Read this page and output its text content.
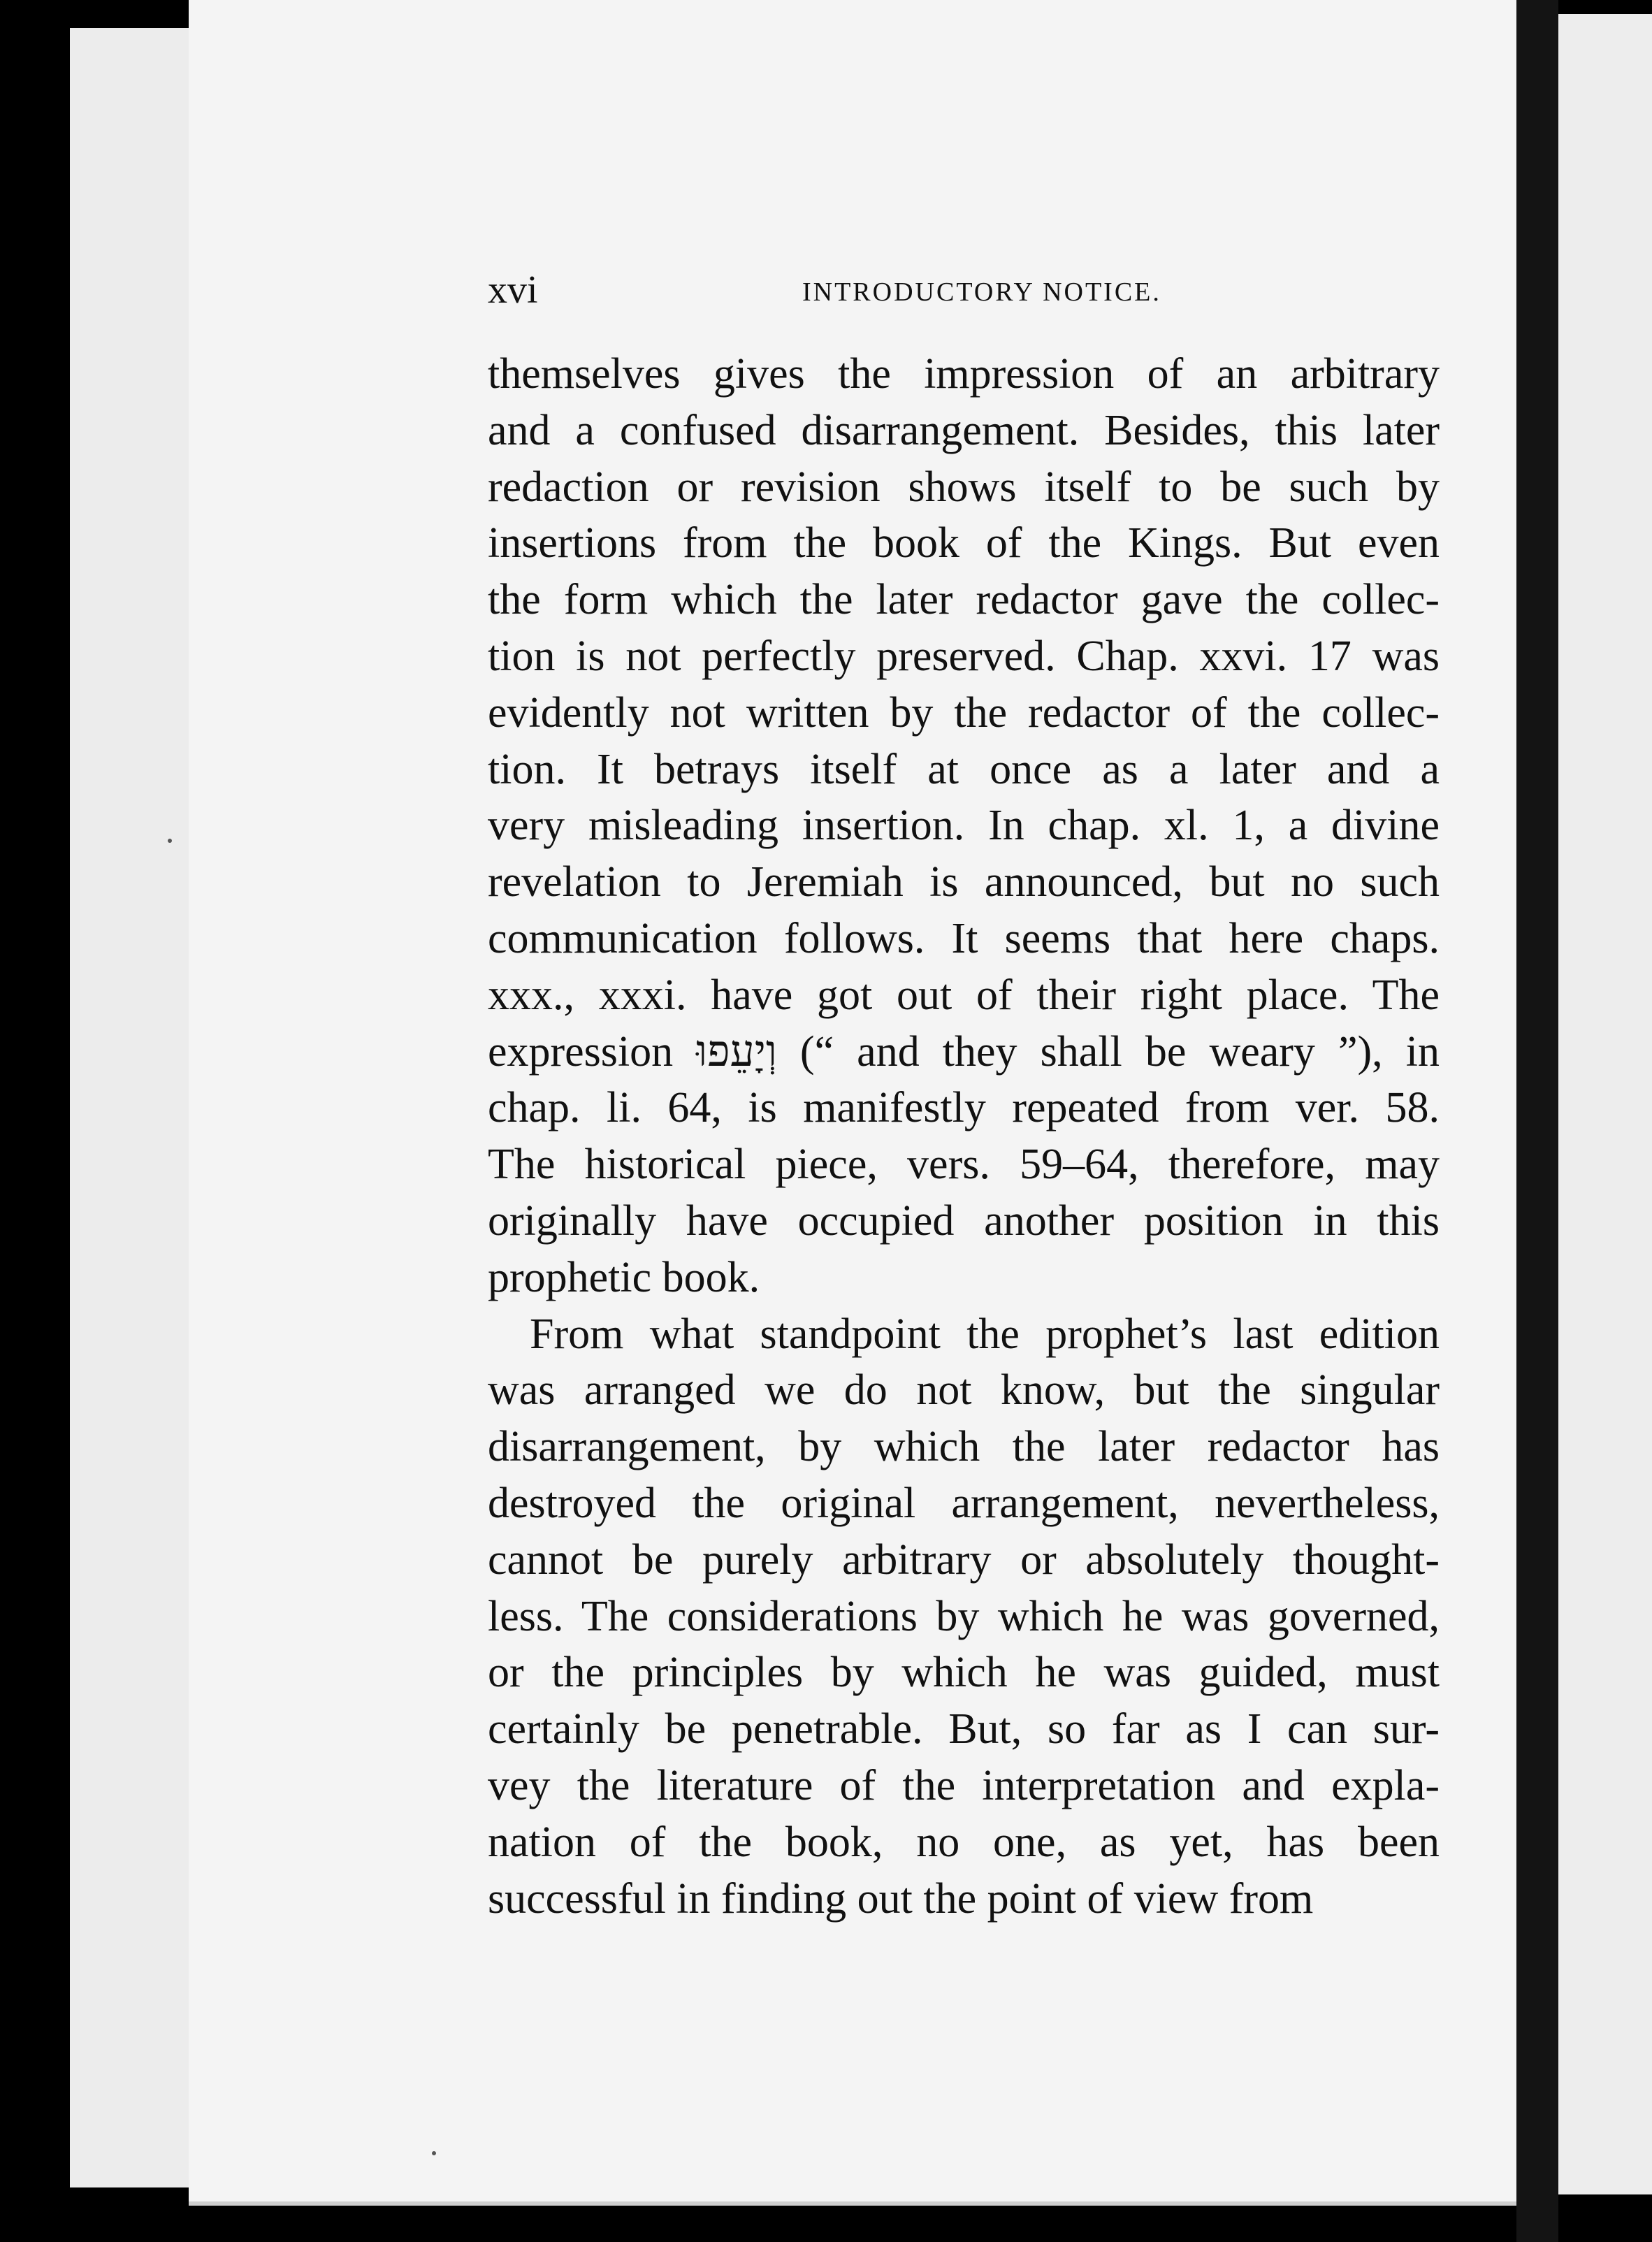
xvi	INTRODUCTORY NOTICE.
themselves gives the impression of an arbitrary
and a confused disarrangement. Besides, this later
redaction or revision shows itself to be such by
insertions from the book of the Kings. But even
the form which the later redactor gave the collec-
tion is not perfectly preserved. Chap. xxvi. 17 was
evidently not written by the redactor of the collec-
tion. It betrays itself at once as a later and a
very misleading insertion. In chap. xl. 1, a divine
revelation to Jeremiah is announced, but no such
communication follows. It seems that here chaps.
xxx., xxxi. have got out of their right place. The
expression וְיָעֵפוּ (“ and they shall be weary ”), in
chap. li. 64, is manifestly repeated from ver. 58.
The historical piece, vers. 59–64, therefore, may
originally have occupied another position in this
prophetic book.
From what standpoint the prophet’s last edition
was arranged we do not know, but the singular
disarrangement, by which the later redactor has
destroyed the original arrangement, nevertheless,
cannot be purely arbitrary or absolutely thought-
less. The considerations by which he was governed,
or the principles by which he was guided, must
certainly be penetrable. But, so far as I can sur-
vey the literature of the interpretation and expla-
nation of the book, no one, as yet, has been
successful in finding out the point of view from
